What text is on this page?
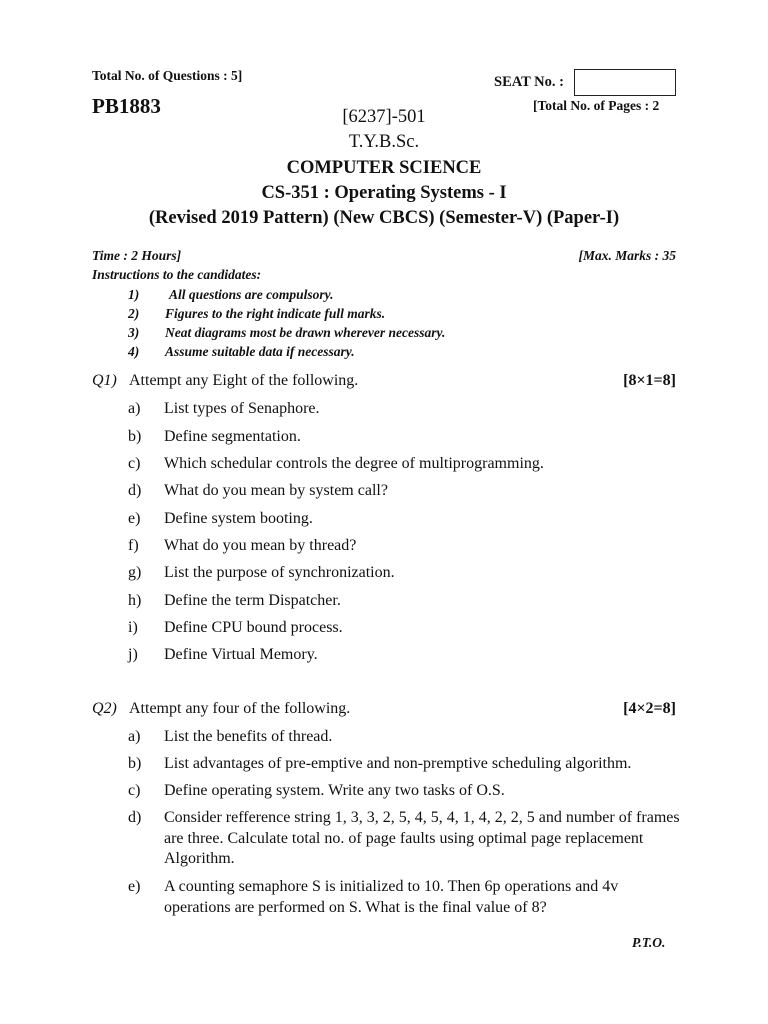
Total No. of Questions : 5]	SEAT No. :
PB1883	[Total No. of Pages : 2
[6237]-501
T.Y.B.Sc.
COMPUTER SCIENCE
CS-351 : Operating Systems - I
(Revised 2019 Pattern) (New CBCS) (Semester-V) (Paper-I)
Time : 2 Hours]	[Max. Marks : 35
Instructions to the candidates:
1) All questions are compulsory.
2) Figures to the right indicate full marks.
3) Neat diagrams most be drawn wherever necessary.
4) Assume suitable data if necessary.
Q1) Attempt any Eight of the following.	[8×1=8]
a) List types of Senaphore.
b) Define segmentation.
c) Which schedular controls the degree of multiprogramming.
d) What do you mean by system call?
e) Define system booting.
f) What do you mean by thread?
g) List the purpose of synchronization.
h) Define the term Dispatcher.
i) Define CPU bound process.
j) Define Virtual Memory.
Q2) Attempt any four of the following.	[4×2=8]
a) List the benefits of thread.
b) List advantages of pre-emptive and non-premptive scheduling algorithm.
c) Define operating system. Write any two tasks of O.S.
d) Consider refference string 1, 3, 3, 2, 5, 4, 5, 4, 1, 4, 2, 2, 5 and number of frames are three. Calculate total no. of page faults using optimal page replacement Algorithm.
e) A counting semaphore S is initialized to 10. Then 6p operations and 4v operations are performed on S. What is the final value of 8?
P.T.O.
